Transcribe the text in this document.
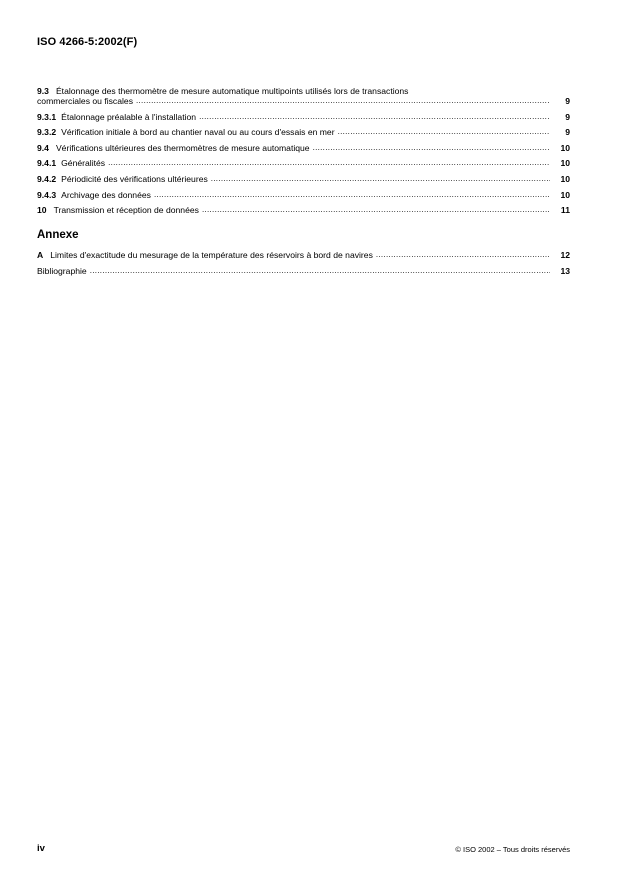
ISO 4266-5:2002(F)
9.3 Étalonnage des thermomètre de mesure automatique multipoints utilisés lors de transactions
commerciales ou fiscales .....	9
9.3.1 Étalonnage préalable à l'installation .....	9
9.3.2 Vérification initiale à bord au chantier naval ou au cours d'essais en mer .....	9
9.4 Vérifications ultérieures des thermomètres de mesure automatique .....	10
9.4.1 Généralités .....	10
9.4.2 Périodicité des vérifications ultérieures .....	10
9.4.3 Archivage des données .....	10
10 Transmission et réception de données .....	11
Annexe
A Limites d'exactitude du mesurage de la température des réservoirs à bord de navires .....	12
Bibliographie .....	13
iv	© ISO 2002 – Tous droits réservés
